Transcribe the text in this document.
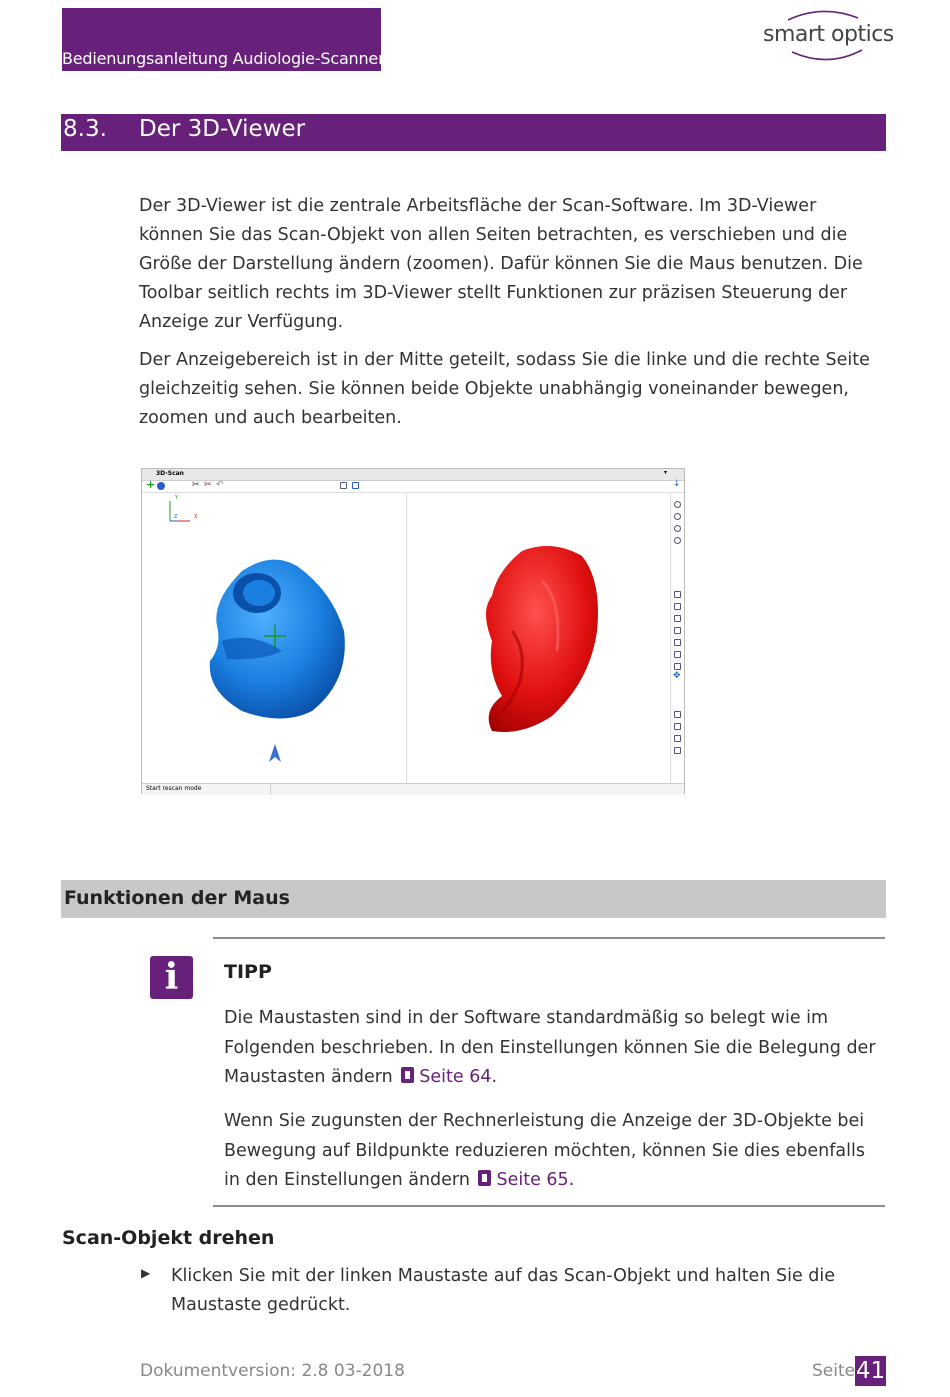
Bedienungsanleitung Audiologie-Scanner
smart optics
8.3. Der 3D-Viewer

Der 3D-Viewer ist die zentrale Arbeitsfläche der Scan-Software. Im 3D-Viewer können Sie das Scan-Objekt von allen Seiten betrachten, es verschieben und die Größe der Darstellung ändern (zoomen). Dafür können Sie die Maus benutzen. Die Toolbar seitlich rechts im 3D-Viewer stellt Funktionen zur präzisen Steuerung der Anzeige zur Verfügung.

Der Anzeigebereich ist in der Mitte geteilt, sodass Sie die linke und die rechte Seite gleichzeitig sehen. Sie können beide Objekte unabhängig voneinander bewegen, zoomen und auch bearbeiten.

3D-Scan	▾
+	✂ ✂ ↶	↓
Y
X
Z
✥
Start rescan mode
Funktionen der Maus
i	TIPP

Die Maustasten sind in der Software standardmäßig so belegt wie im Folgenden beschrieben. In den Einstellungen können Sie die Belegung der Maustasten ändern Seite 64.

Wenn Sie zugunsten der Rechnerleistung die Anzeige der 3D-Objekte bei Bewegung auf Bildpunkte reduzieren möchten, können Sie dies ebenfalls in den Einstellungen ändern Seite 65.

Scan-Objekt drehen
▶ Klicken Sie mit der linken Maustaste auf das Scan-Objekt und halten Sie die Maustaste gedrückt.

Dokumentversion: 2.8 03-2018	Seite 41
